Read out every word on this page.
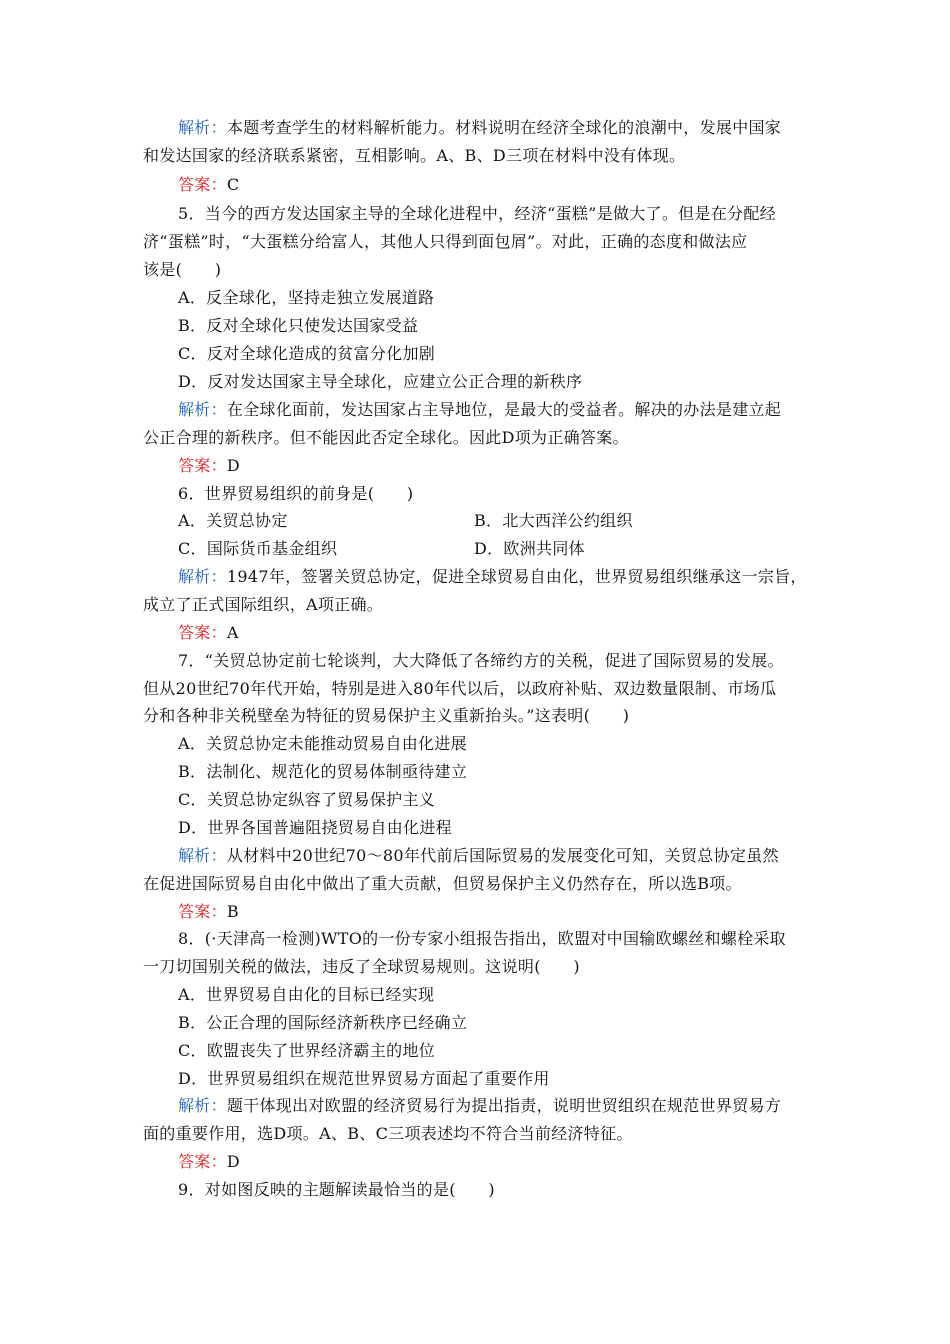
解析：本题考查学生的材料解析能力。材料说明在经济全球化的浪潮中，发展中国家
和发达国家的经济联系紧密，互相影响。A、B、D三项在材料中没有体现。
答案：C
5．当今的西方发达国家主导的全球化进程中，经济“蛋糕”是做大了。但是在分配经
济“蛋糕”时，“大蛋糕分给富人，其他人只得到面包屑”。对此，正确的态度和做法应
该是(　　)
A．反全球化，坚持走独立发展道路
B．反对全球化只使发达国家受益
C．反对全球化造成的贫富分化加剧
D．反对发达国家主导全球化，应建立公正合理的新秩序
解析：在全球化面前，发达国家占主导地位，是最大的受益者。解决的办法是建立起
公正合理的新秩序。但不能因此否定全球化。因此D项为正确答案。
答案：D
6．世界贸易组织的前身是(　　)
A．关贸总协定	B．北大西洋公约组织
C．国际货币基金组织	D．欧洲共同体
解析：1947年，签署关贸总协定，促进全球贸易自由化，世界贸易组织继承这一宗旨，
成立了正式国际组织，A项正确。
答案：A
7．“关贸总协定前七轮谈判，大大降低了各缔约方的关税，促进了国际贸易的发展。
但从20世纪70年代开始，特别是进入80年代以后，以政府补贴、双边数量限制、市场瓜
分和各种非关税壁垒为特征的贸易保护主义重新抬头。”这表明(　　)
A．关贸总协定未能推动贸易自由化进展
B．法制化、规范化的贸易体制亟待建立
C．关贸总协定纵容了贸易保护主义
D．世界各国普遍阻挠贸易自由化进程
解析：从材料中20世纪70～80年代前后国际贸易的发展变化可知，关贸总协定虽然
在促进国际贸易自由化中做出了重大贡献，但贸易保护主义仍然存在，所以选B项。
答案：B
8．(·天津高一检测)WTO的一份专家小组报告指出，欧盟对中国输欧螺丝和螺栓采取
一刀切国别关税的做法，违反了全球贸易规则。这说明(　　)
A．世界贸易自由化的目标已经实现
B．公正合理的国际经济新秩序已经确立
C．欧盟丧失了世界经济霸主的地位
D．世界贸易组织在规范世界贸易方面起了重要作用
解析：题干体现出对欧盟的经济贸易行为提出指责，说明世贸组织在规范世界贸易方
面的重要作用，选D项。A、B、C三项表述均不符合当前经济特征。
答案：D
9．对如图反映的主题解读最恰当的是(　　)
